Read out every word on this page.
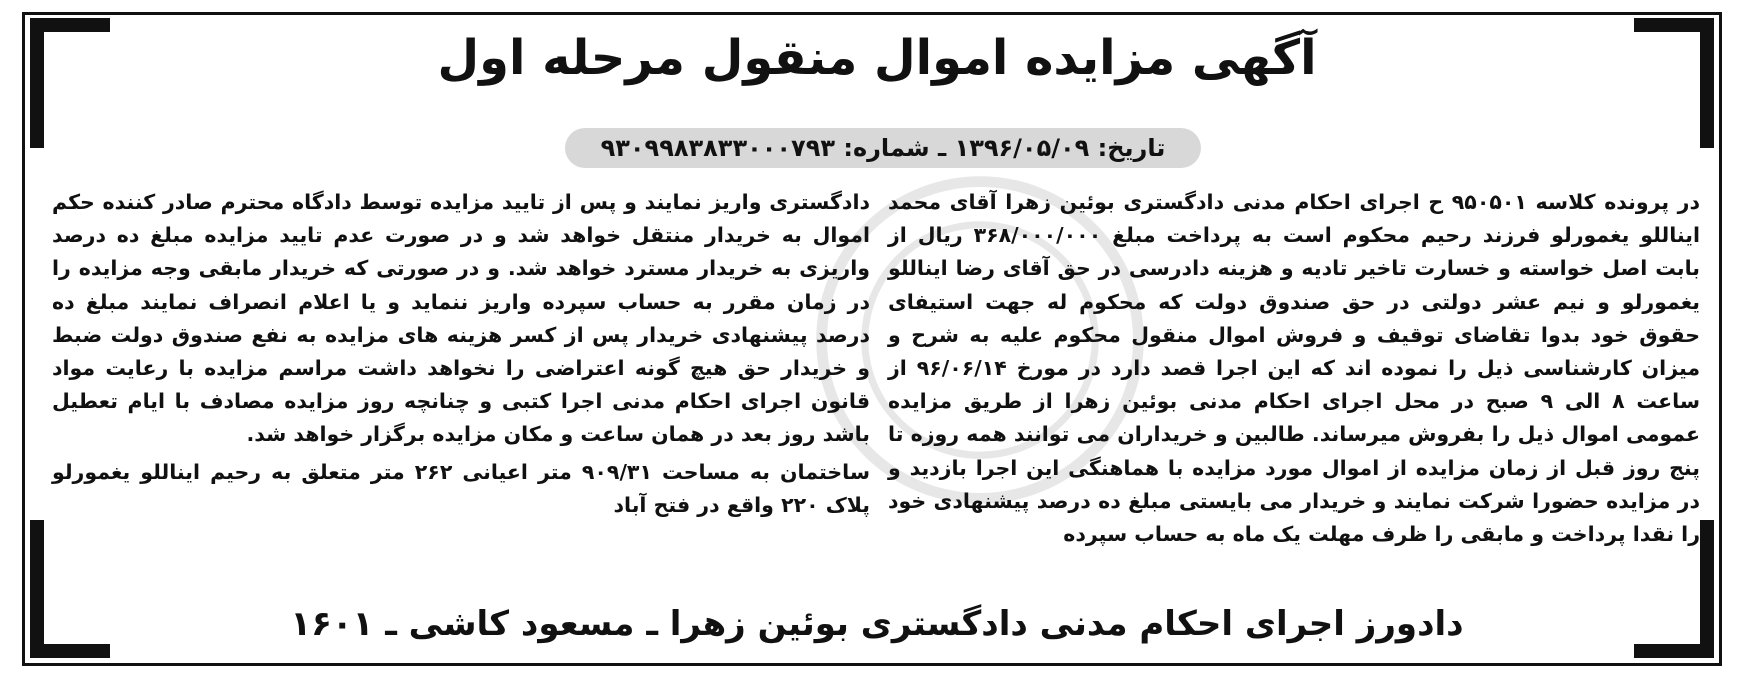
آگهی مزایده اموال منقول مرحله اول
تاریخ: ۱۳۹۶/۰۵/۰۹ ـ شماره: ۹۳۰۹۹۸۳۸۳۳۰۰۰۷۹۳

در پرونده کلاسه ۹۵۰۵۰۱ ح اجرای احکام مدنی دادگستری بوئین زهرا آقای محمد ایناللو یغمورلو فرزند رحیم محکوم است به پرداخت مبلغ ۳۶۸/۰۰۰/۰۰۰ ریال از بابت اصل خواسته و خسارت تاخیر تادیه و هزینه دادرسی در حق آقای رضا ایناللو یغمورلو و نیم عشر دولتی در حق صندوق دولت که محکوم له جهت استیفای حقوق خود بدوا تقاضای توقیف و فروش اموال منقول محکوم علیه به شرح و میزان کارشناسی ذیل را نموده اند که این اجرا قصد دارد در مورخ ۹۶/۰۶/۱۴ از ساعت ۸ الی ۹ صبح در محل اجرای احکام مدنی بوئین زهرا از طریق مزایده عمومی اموال ذیل را بفروش میرساند. طالبین و خریداران می توانند همه روزه تا پنج روز قبل از زمان مزایده از اموال مورد مزایده با هماهنگی این اجرا بازدید و در مزایده حضورا شرکت نمایند و خریدار می بایستی مبلغ ده درصد پیشنهادی خود را نقدا پرداخت و مابقی را ظرف مهلت یک ماه به حساب سپرده

دادگستری واریز نمایند و پس از تایید مزایده توسط دادگاه محترم صادر کننده حکم اموال به خریدار منتقل خواهد شد و در صورت عدم تایید مزایده مبلغ ده درصد واریزی به خریدار مسترد خواهد شد. و در صورتی که خریدار مابقی وجه مزایده را در زمان مقرر به حساب سپرده واریز ننماید و یا اعلام انصراف نمایند مبلغ ده درصد پیشنهادی خریدار پس از کسر هزینه های مزایده به نفع صندوق دولت ضبط و خریدار حق هیچ گونه اعتراضی را نخواهد داشت مراسم مزایده با رعایت مواد قانون اجرای احکام مدنی اجرا کتبی و چنانچه روز مزایده مصادف با ایام تعطیل باشد روز بعد در همان ساعت و مکان مزایده برگزار خواهد شد.

ساختمان به مساحت ۹۰۹/۳۱ متر اعیانی ۲۶۲ متر متعلق به رحیم ایناللو یغمورلو پلاک ۲۲۰ واقع در فتح آباد

دادورز اجرای احکام مدنی دادگستری بوئین زهرا ـ مسعود کاشی ـ ۱۶۰۱
